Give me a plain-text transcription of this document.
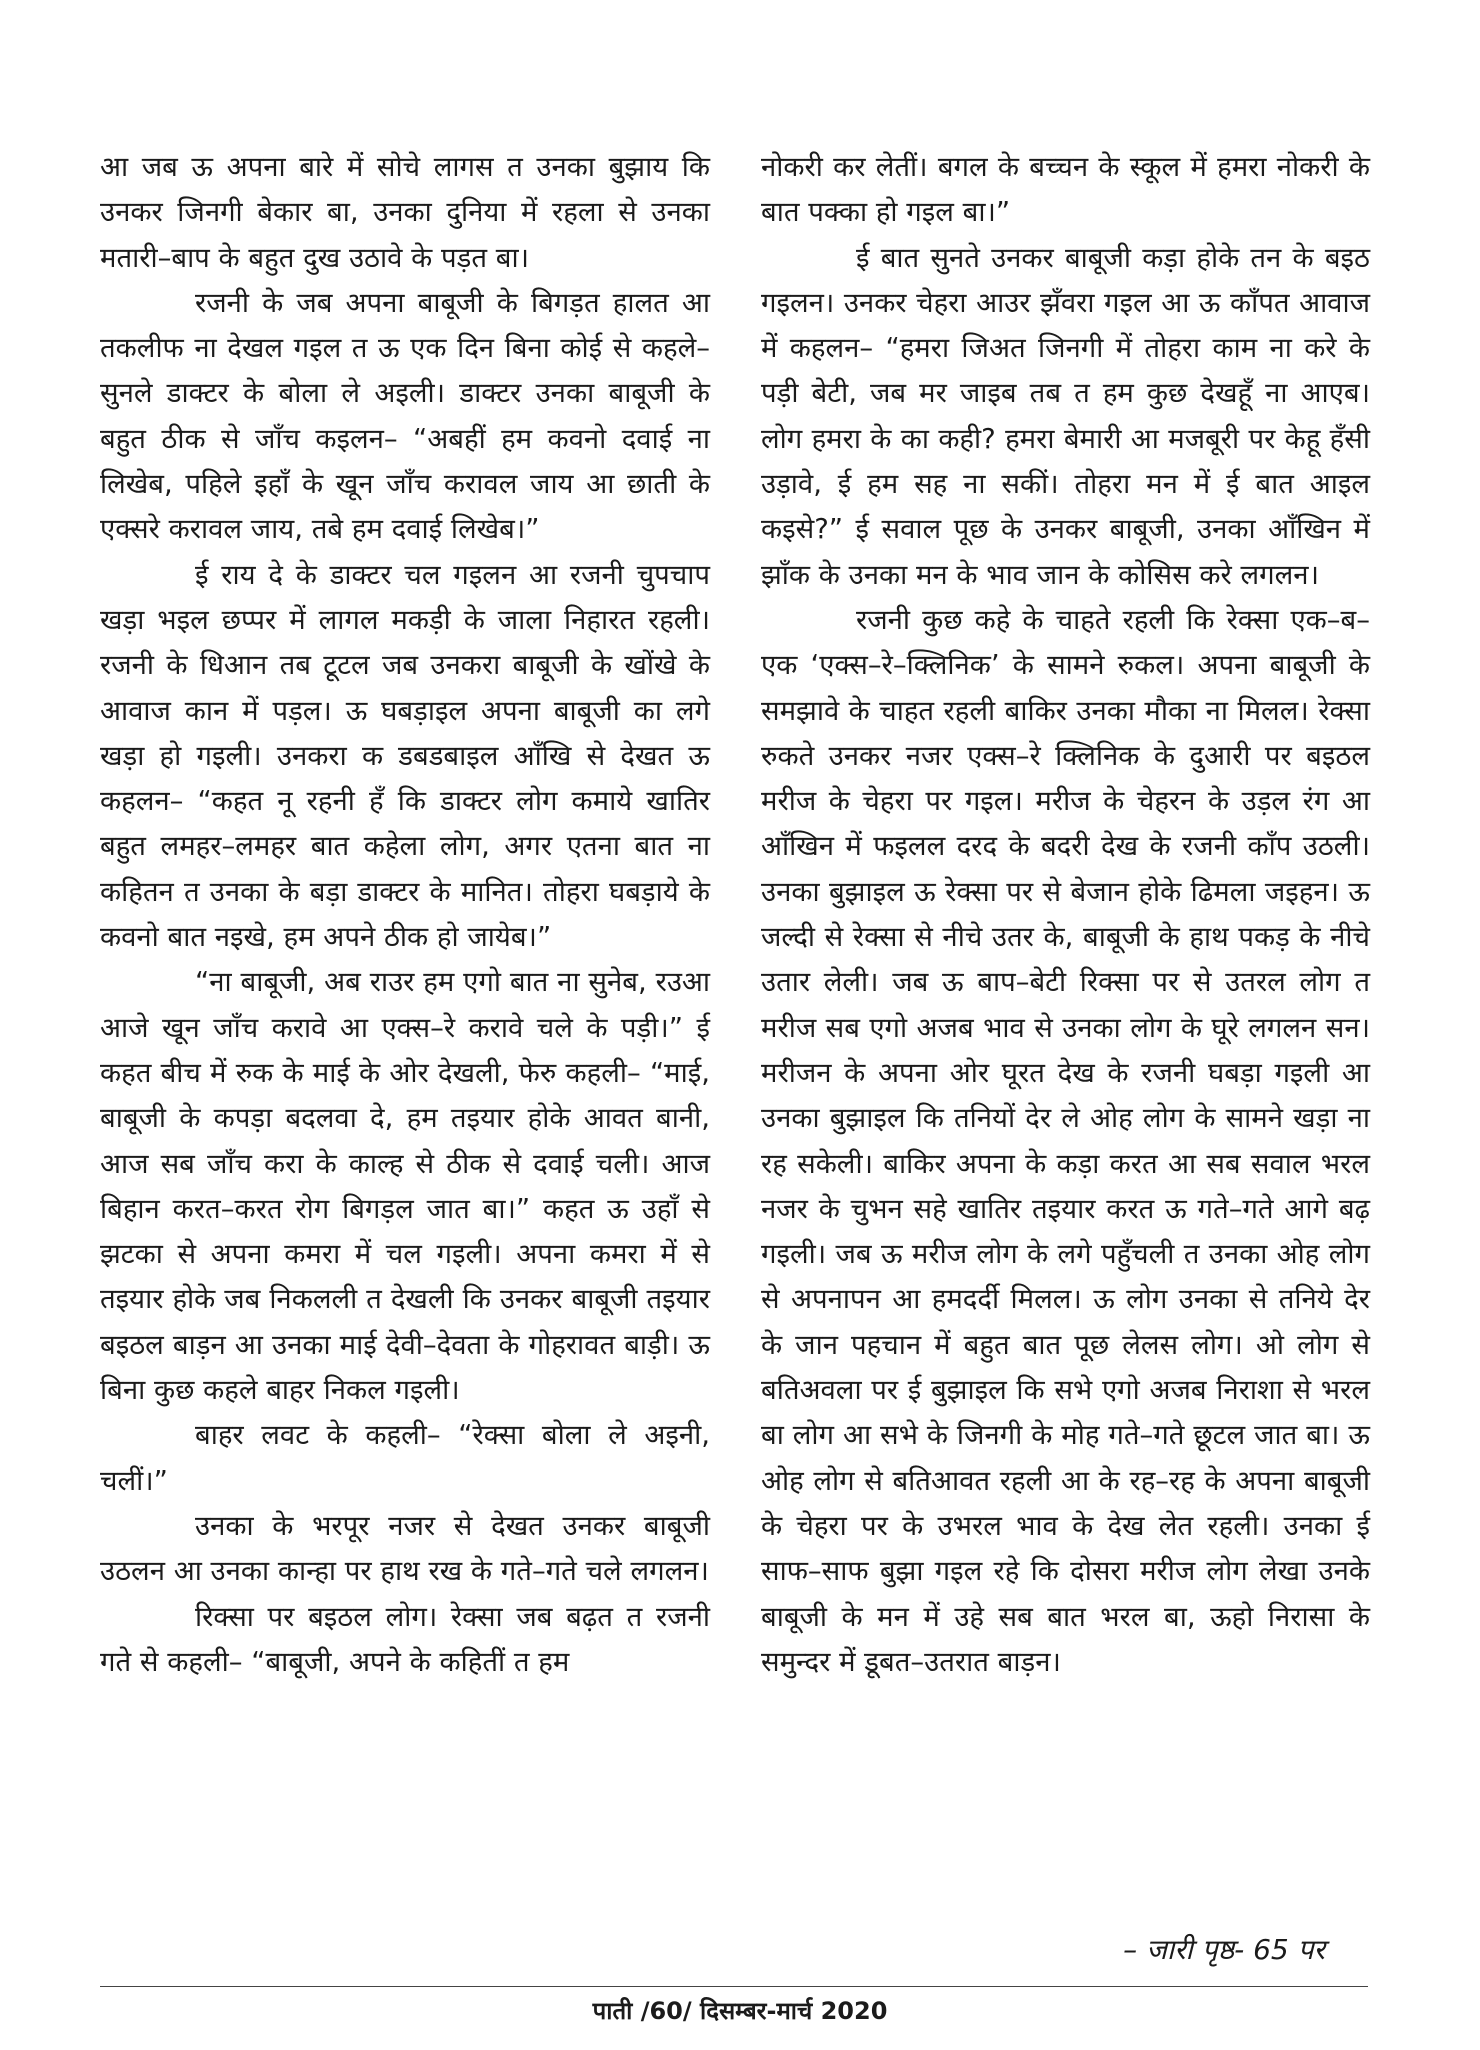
आ जब ऊ अपना बारे में सोचे लागस त उनका बुझाय कि उनकर जिनगी बेकार बा, उनका दुनिया में रहला से उनका मतारी–बाप के बहुत दुख उठावे के पड़त बा।

रजनी के जब अपना बाबूजी के बिगड़त हालत आ तकलीफ ना देखल गइल त ऊ एक दिन बिना कोई से कहले–सुनले डाक्टर के बोला ले अइली। डाक्टर उनका बाबूजी के बहुत ठीक से जाँच कइलन– “अबहीं हम कवनो दवाई ना लिखेब, पहिले इहाँ के खून जाँच करावल जाय आ छाती के एक्सरे करावल जाय, तबे हम दवाई लिखेब।”

ई राय दे के डाक्टर चल गइलन आ रजनी चुपचाप खड़ा भइल छप्पर में लागल मकड़ी के जाला निहारत रहली। रजनी के धिआन तब टूटल जब उनकरा बाबूजी के खोंखे के आवाज कान में पड़ल। ऊ घबड़ाइल अपना बाबूजी का लगे खड़ा हो गइली। उनकरा क डबडबाइल आँखि से देखत ऊ कहलन– “कहत नू रहनी हँ कि डाक्टर लोग कमाये खातिर बहुत लमहर–लमहर बात कहेला लोग, अगर एतना बात ना कहितन त उनका के बड़ा डाक्टर के मानित। तोहरा घबड़ाये के कवनो बात नइखे, हम अपने ठीक हो जायेब।”

“ना बाबूजी, अब राउर हम एगो बात ना सुनेब, रउआ आजे खून जाँच करावे आ एक्स–रे करावे चले के पड़ी।” ई कहत बीच में रुक के माई के ओर देखली, फेरु कहली– “माई, बाबूजी के कपड़ा बदलवा दे, हम तइयार होके आवत बानी, आज सब जाँच करा के काल्ह से ठीक से दवाई चली। आज बिहान करत–करत रोग बिगड़ल जात बा।” कहत ऊ उहाँ से झटका से अपना कमरा में चल गइली। अपना कमरा में से तइयार होके जब निकलली त देखली कि उनकर बाबूजी तइयार बइठल बाड़न आ उनका माई देवी–देवता के गोहरावत बाड़ी। ऊ बिना कुछ कहले बाहर निकल गइली।

बाहर लवट के कहली– “रेक्सा बोला ले अइनी, चलीं।”

उनका के भरपूर नजर से देखत उनकर बाबूजी उठलन आ उनका कान्हा पर हाथ रख के गते–गते चले लगलन।

रिक्सा पर बइठल लोग। रेक्सा जब बढ़त त रजनी गते से कहली– “बाबूजी, अपने के कहितीं त हम

नोकरी कर लेतीं। बगल के बच्चन के स्कूल में हमरा नोकरी के बात पक्का हो गइल बा।”

ई बात सुनते उनकर बाबूजी कड़ा होके तन के बइठ गइलन। उनकर चेहरा आउर झँवरा गइल आ ऊ काँपत आवाज में कहलन– “हमरा जिअत जिनगी में तोहरा काम ना करे के पड़ी बेटी, जब मर जाइब तब त हम कुछ देखहूँ ना आएब। लोग हमरा के का कही? हमरा बेमारी आ मजबूरी पर केहू हँसी उड़ावे, ई हम सह ना सकीं। तोहरा मन में ई बात आइल कइसे?” ई सवाल पूछ के उनकर बाबूजी, उनका आँखिन में झाँक के उनका मन के भाव जान के कोसिस करे लगलन।

रजनी कुछ कहे के चाहते रहली कि रेक्सा एक–ब–एक ‘एक्स–रे–क्लिनिक’ के सामने रुकल। अपना बाबूजी के समझावे के चाहत रहली बाकिर उनका मौका ना मिलल। रेक्सा रुकते उनकर नजर एक्स–रे क्लिनिक के दुआरी पर बइठल मरीज के चेहरा पर गइल। मरीज के चेहरन के उड़ल रंग आ आँखिन में फइलल दरद के बदरी देख के रजनी काँप उठली। उनका बुझाइल ऊ रेक्सा पर से बेजान होके ढिमला जइहन। ऊ जल्दी से रेक्सा से नीचे उतर के, बाबूजी के हाथ पकड़ के नीचे उतार लेली। जब ऊ बाप–बेटी रिक्सा पर से उतरल लोग त मरीज सब एगो अजब भाव से उनका लोग के घूरे लगलन सन। मरीजन के अपना ओर घूरत देख के रजनी घबड़ा गइली आ उनका बुझाइल कि तनियों देर ले ओह लोग के सामने खड़ा ना रह सकेली। बाकिर अपना के कड़ा करत आ सब सवाल भरल नजर के चुभन सहे खातिर तइयार करत ऊ गते–गते आगे बढ़ गइली। जब ऊ मरीज लोग के लगे पहुँचली त उनका ओह लोग से अपनापन आ हमदर्दी मिलल। ऊ लोग उनका से तनिये देर के जान पहचान में बहुत बात पूछ लेलस लोग। ओ लोग से बतिअवला पर ई बुझाइल कि सभे एगो अजब निराशा से भरल बा लोग आ सभे के जिनगी के मोह गते–गते छूटल जात बा। ऊ ओह लोग से बतिआवत रहली आ के रह–रह के अपना बाबूजी के चेहरा पर के उभरल भाव के देख लेत रहली। उनका ई साफ–साफ बुझा गइल रहे कि दोसरा मरीज लोग लेखा उनके बाबूजी के मन में उहे सब बात भरल बा, ऊहो निरासा के समुन्दर में डूबत–उतरात बाड़न।

– जारी पृष्ठ- 65 पर
पाती /60/ दिसम्बर-मार्च 2020
